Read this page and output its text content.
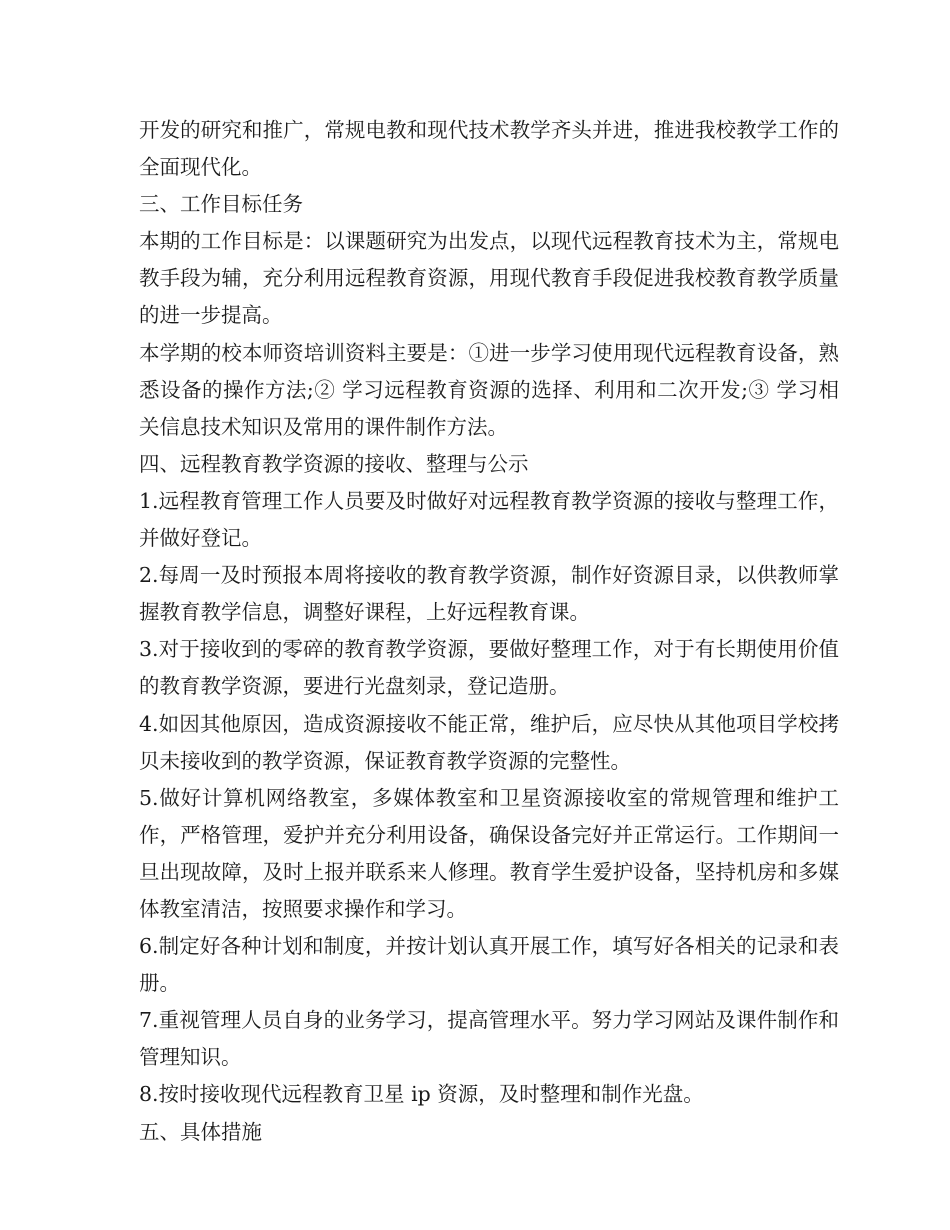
开发的研究和推广，常规电教和现代技术教学齐头并进，推进我校教学工作的全面现代化。

三、工作目标任务

本期的工作目标是：以课题研究为出发点，以现代远程教育技术为主，常规电教手段为辅，充分利用远程教育资源，用现代教育手段促进我校教育教学质量的进一步提高。

本学期的校本师资培训资料主要是：①进一步学习使用现代远程教育设备，熟悉设备的操作方法;② 学习远程教育资源的选择、利用和二次开发;③ 学习相关信息技术知识及常用的课件制作方法。

四、远程教育教学资源的接收、整理与公示

1.远程教育管理工作人员要及时做好对远程教育教学资源的接收与整理工作，并做好登记。

2.每周一及时预报本周将接收的教育教学资源，制作好资源目录，以供教师掌握教育教学信息，调整好课程，上好远程教育课。

3.对于接收到的零碎的教育教学资源，要做好整理工作，对于有长期使用价值的教育教学资源，要进行光盘刻录，登记造册。

4.如因其他原因，造成资源接收不能正常，维护后，应尽快从其他项目学校拷贝未接收到的教学资源，保证教育教学资源的完整性。

5.做好计算机网络教室，多媒体教室和卫星资源接收室的常规管理和维护工作，严格管理，爱护并充分利用设备，确保设备完好并正常运行。工作期间一旦出现故障，及时上报并联系来人修理。教育学生爱护设备，坚持机房和多媒体教室清洁，按照要求操作和学习。

6.制定好各种计划和制度，并按计划认真开展工作，填写好各相关的记录和表册。

7.重视管理人员自身的业务学习，提高管理水平。努力学习网站及课件制作和管理知识。

8.按时接收现代远程教育卫星 ip 资源，及时整理和制作光盘。

五、具体措施
